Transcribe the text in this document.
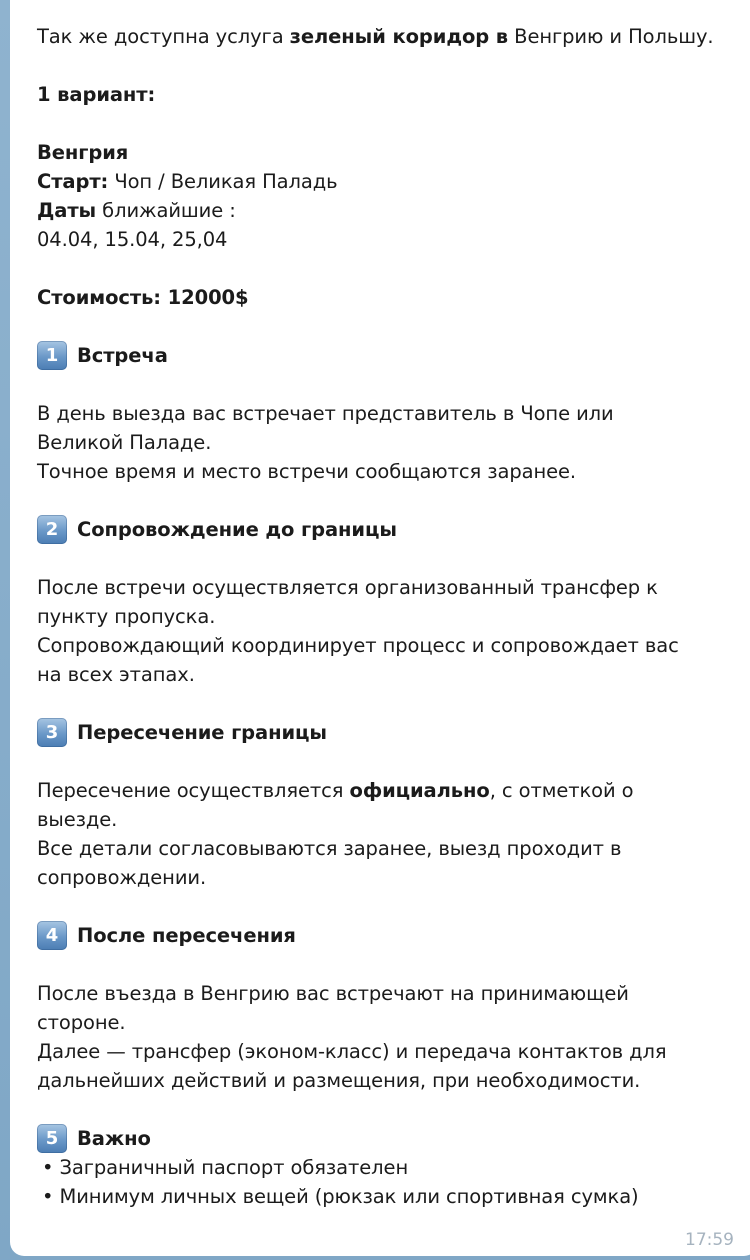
Так же доступна услуга зеленый коридор в Венгрию и Польшу.
1 вариант:
Венгрия
Старт: Чоп / Великая Паладь
Даты ближайшие :
04.04, 15.04, 25,04
Стоимость: 12000$
1 Встреча
В день выезда вас встречает представитель в Чопе или
Великой Паладе.
Точное время и место встречи сообщаются заранее.
2 Сопровождение до границы
После встречи осуществляется организованный трансфер к
пункту пропуска.
Сопровождающий координирует процесс и сопровождает вас
на всех этапах.
3 Пересечение границы
Пересечение осуществляется официально, с отметкой о
выезде.
Все детали согласовываются заранее, выезд проходит в
сопровождении.
4 После пересечения
После въезда в Венгрию вас встречают на принимающей
стороне.
Далее — трансфер (эконом-класс) и передача контактов для
дальнейших действий и размещения, при необходимости.
5 Важно
• Заграничный паспорт обязателен
• Минимум личных вещей (рюкзак или спортивная сумка)
17:59
